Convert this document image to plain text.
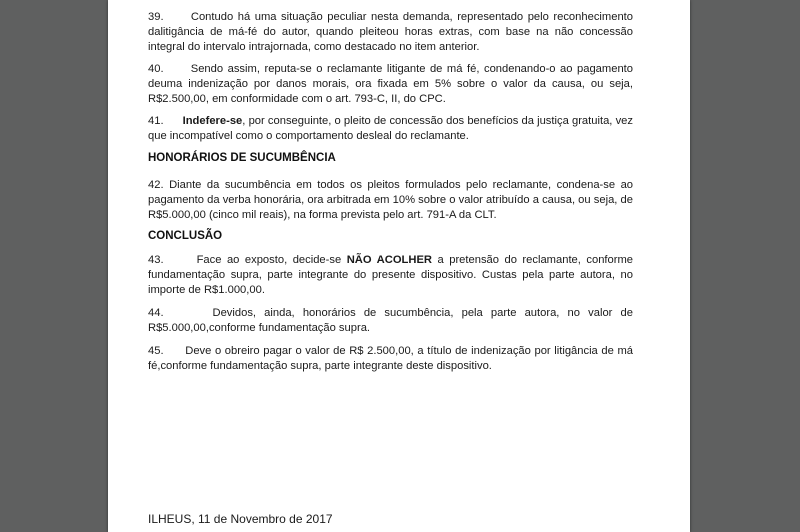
39. Contudo há uma situação peculiar nesta demanda, representado pelo reconhecimento dalitigância de má-fé do autor, quando pleiteou horas extras, com base na não concessão integral do intervalo intrajornada, como destacado no item anterior.
40. Sendo assim, reputa-se o reclamante litigante de má fé, condenando-o ao pagamento deuma indenização por danos morais, ora fixada em 5% sobre o valor da causa, ou seja, R$2.500,00, em conformidade com o art. 793-C, II, do CPC.
41. Indefere-se, por conseguinte, o pleito de concessão dos benefícios da justiça gratuita, vez que incompatível como o comportamento desleal do reclamante.
HONORÁRIOS DE SUCUMBÊNCIA
42. Diante da sucumbência em todos os pleitos formulados pelo reclamante, condena-se ao pagamento da verba honorária, ora arbitrada em 10% sobre o valor atribuído a causa, ou seja, de R$5.000,00 (cinco mil reais), na forma prevista pelo art. 791-A da CLT.
CONCLUSÃO
43.	Face ao exposto, decide-se NÃO ACOLHER a pretensão do reclamante, conforme fundamentação supra, parte integrante do presente dispositivo. Custas pela parte autora, no importe de R$1.000,00.
44.	Devidos, ainda, honorários de sucumbência, pela parte autora, no valor de R$5.000,00,conforme fundamentação supra.
45. Deve o obreiro pagar o valor de R$ 2.500,00, a título de indenização por litigância de má fé,conforme fundamentação supra, parte integrante deste dispositivo.
ILHEUS, 11 de Novembro de 2017
